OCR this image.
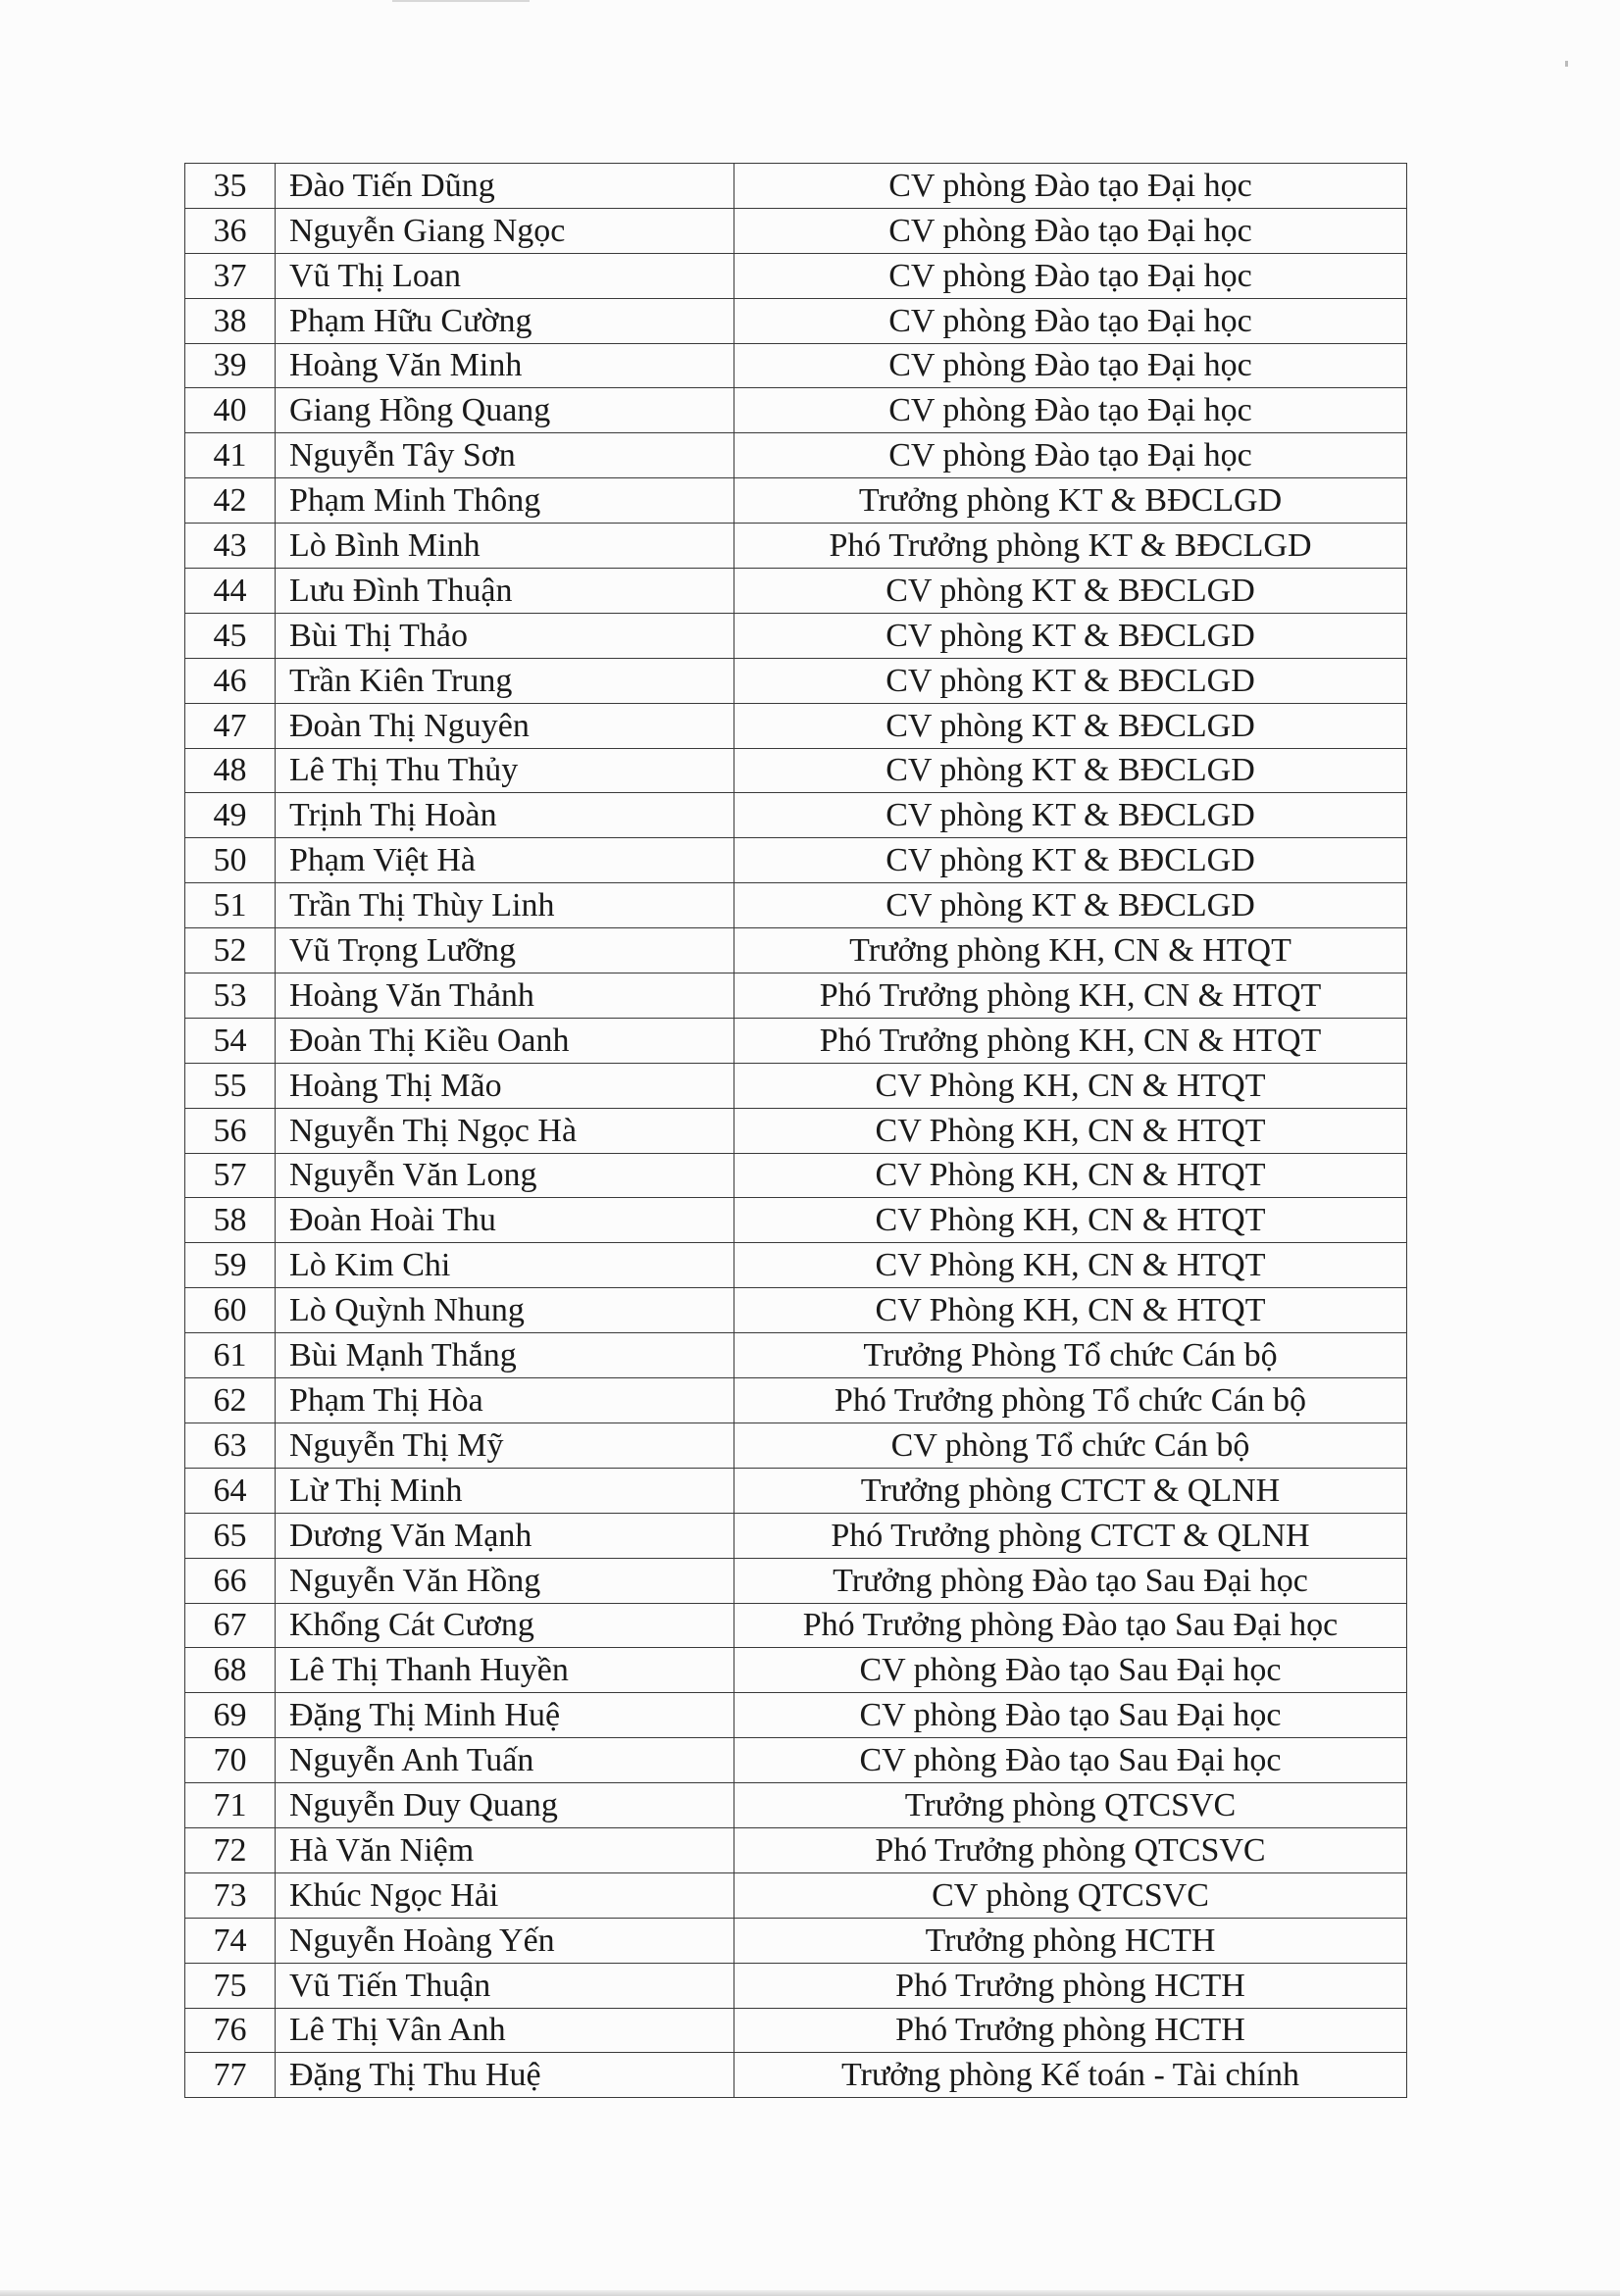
35	Đào Tiến Dũng	CV phòng Đào tạo Đại học
36	Nguyễn Giang Ngọc	CV phòng Đào tạo Đại học
37	Vũ Thị Loan	CV phòng Đào tạo Đại học
38	Phạm Hữu Cường	CV phòng Đào tạo Đại học
39	Hoàng Văn Minh	CV phòng Đào tạo Đại học
40	Giang Hồng Quang	CV phòng Đào tạo Đại học
41	Nguyễn Tây Sơn	CV phòng Đào tạo Đại học
42	Phạm Minh Thông	Trưởng phòng KT & BĐCLGD
43	Lò Bình Minh	Phó Trưởng phòng KT & BĐCLGD
44	Lưu Đình Thuận	CV phòng KT & BĐCLGD
45	Bùi Thị Thảo	CV phòng KT & BĐCLGD
46	Trần Kiên Trung	CV phòng KT & BĐCLGD
47	Đoàn Thị Nguyên	CV phòng KT & BĐCLGD
48	Lê Thị Thu Thủy	CV phòng KT & BĐCLGD
49	Trịnh Thị Hoàn	CV phòng KT & BĐCLGD
50	Phạm Việt Hà	CV phòng KT & BĐCLGD
51	Trần Thị Thùy Linh	CV phòng KT & BĐCLGD
52	Vũ Trọng Lưỡng	Trưởng phòng KH, CN & HTQT
53	Hoàng Văn Thảnh	Phó Trưởng phòng KH, CN & HTQT
54	Đoàn Thị Kiều Oanh	Phó Trưởng phòng KH, CN & HTQT
55	Hoàng Thị Mão	CV Phòng KH, CN & HTQT
56	Nguyễn Thị Ngọc Hà	CV Phòng KH, CN & HTQT
57	Nguyễn Văn Long	CV Phòng KH, CN & HTQT
58	Đoàn Hoài Thu	CV Phòng KH, CN & HTQT
59	Lò Kim Chi	CV Phòng KH, CN & HTQT
60	Lò Quỳnh Nhung	CV Phòng KH, CN & HTQT
61	Bùi Mạnh Thắng	Trưởng Phòng Tổ chức Cán bộ
62	Phạm Thị Hòa	Phó Trưởng phòng Tổ chức Cán bộ
63	Nguyễn Thị Mỹ	CV phòng Tổ chức Cán bộ
64	Lừ Thị Minh	Trưởng phòng CTCT & QLNH
65	Dương Văn Mạnh	Phó Trưởng phòng CTCT & QLNH
66	Nguyễn Văn Hồng	Trưởng phòng Đào tạo Sau Đại học
67	Khổng Cát Cương	Phó Trưởng phòng Đào tạo Sau Đại học
68	Lê Thị Thanh Huyền	CV phòng Đào tạo Sau Đại học
69	Đặng Thị Minh Huệ	CV phòng Đào tạo Sau Đại học
70	Nguyễn Anh Tuấn	CV phòng Đào tạo Sau Đại học
71	Nguyễn Duy Quang	Trưởng phòng QTCSVC
72	Hà Văn Niệm	Phó Trưởng phòng QTCSVC
73	Khúc Ngọc Hải	CV phòng QTCSVC
74	Nguyễn Hoàng Yến	Trưởng phòng HCTH
75	Vũ Tiến Thuận	Phó Trưởng phòng HCTH
76	Lê Thị Vân Anh	Phó Trưởng phòng HCTH
77	Đặng Thị Thu Huệ	Trưởng phòng Kế toán - Tài chính
